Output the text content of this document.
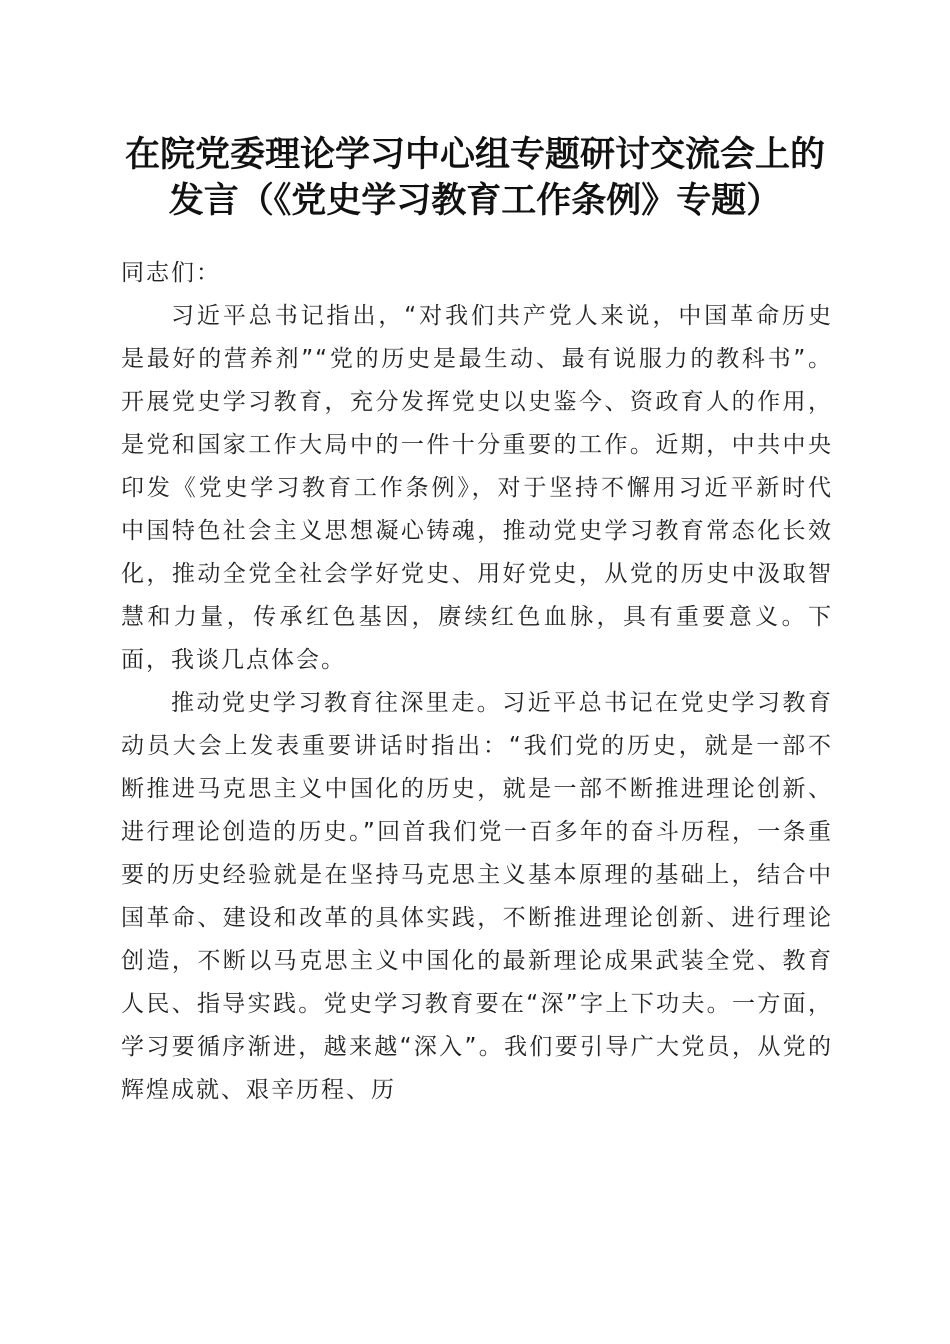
在院党委理论学习中心组专题研讨交流会上的
发言（《党史学习教育工作条例》专题）

同志们：

习近平总书记指出，“对我们共产党人来说，中国革命历史是最好的营养剂”“党的历史是最生动、最有说服力的教科书”。开展党史学习教育，充分发挥党史以史鉴今、资政育人的作用，是党和国家工作大局中的一件十分重要的工作。近期，中共中央印发《党史学习教育工作条例》，对于坚持不懈用习近平新时代中国特色社会主义思想凝心铸魂，推动党史学习教育常态化长效化，推动全党全社会学好党史、用好党史，从党的历史中汲取智慧和力量，传承红色基因，赓续红色血脉，具有重要意义。下面，我谈几点体会。

推动党史学习教育往深里走。习近平总书记在党史学习教育动员大会上发表重要讲话时指出：“我们党的历史，就是一部不断推进马克思主义中国化的历史，就是一部不断推进理论创新、进行理论创造的历史。”回首我们党一百多年的奋斗历程，一条重要的历史经验就是在坚持马克思主义基本原理的基础上，结合中国革命、建设和改革的具体实践，不断推进理论创新、进行理论创造，不断以马克思主义中国化的最新理论成果武装全党、教育人民、指导实践。党史学习教育要在“深”字上下功夫。一方面，学习要循序渐进，越来越“深入”。我们要引导广大党员，从党的辉煌成就、艰辛历程、历
